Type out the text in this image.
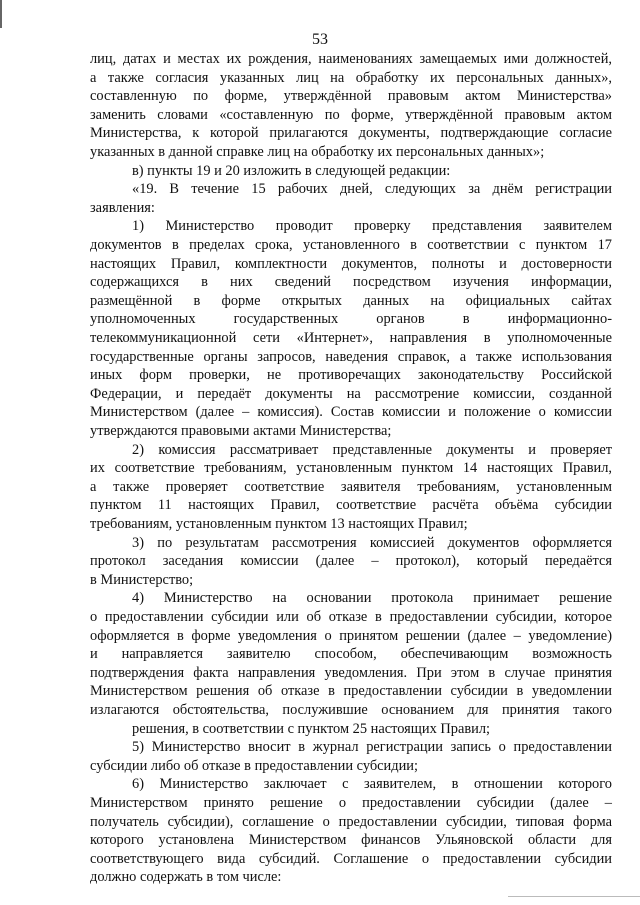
53
лиц, датах и местах их рождения, наименованиях замещаемых ими должностей,
а также согласия указанных лиц на обработку их персональных данных»,
составленную по форме, утверждённой правовым актом Министерства»
заменить словами «составленную по форме, утверждённой правовым актом
Министерства, к которой прилагаются документы, подтверждающие согласие
указанных в данной справке лиц на обработку их персональных данных»;
в) пункты 19 и 20 изложить в следующей редакции:
«19. В течение 15 рабочих дней, следующих за днём регистрации
заявления:
1) Министерство проводит проверку представления заявителем
документов в пределах срока, установленного в соответствии с пунктом 17
настоящих Правил, комплектности документов, полноты и достоверности
содержащихся в них сведений посредством изучения информации,
размещённой в форме открытых данных на официальных сайтах
уполномоченных государственных органов в информационно-
телекоммуникационной сети «Интернет», направления в уполномоченные
государственные органы запросов, наведения справок, а также использования
иных форм проверки, не противоречащих законодательству Российской
Федерации, и передаёт документы на рассмотрение комиссии, созданной
Министерством (далее – комиссия). Состав комиссии и положение о комиссии
утверждаются правовыми актами Министерства;
2) комиссия рассматривает представленные документы и проверяет
их соответствие требованиям, установленным пунктом 14 настоящих Правил,
а также проверяет соответствие заявителя требованиям, установленным
пунктом 11 настоящих Правил, соответствие расчёта объёма субсидии
требованиям, установленным пунктом 13 настоящих Правил;
3) по результатам рассмотрения комиссией документов оформляется
протокол заседания комиссии (далее – протокол), который передаётся
в Министерство;
4) Министерство на основании протокола принимает решение
о предоставлении субсидии или об отказе в предоставлении субсидии, которое
оформляется в форме уведомления о принятом решении (далее – уведомление)
и направляется заявителю способом, обеспечивающим возможность
подтверждения факта направления уведомления. При этом в случае принятия
Министерством решения об отказе в предоставлении субсидии в уведомлении
излагаются обстоятельства, послужившие основанием для принятия такого
решения, в соответствии с пунктом 25 настоящих Правил;
5) Министерство вносит в журнал регистрации запись о предоставлении
субсидии либо об отказе в предоставлении субсидии;
6) Министерство заключает с заявителем, в отношении которого
Министерством принято решение о предоставлении субсидии (далее –
получатель субсидии), соглашение о предоставлении субсидии, типовая форма
которого установлена Министерством финансов Ульяновской области для
соответствующего вида субсидий. Соглашение о предоставлении субсидии
должно содержать в том числе:
